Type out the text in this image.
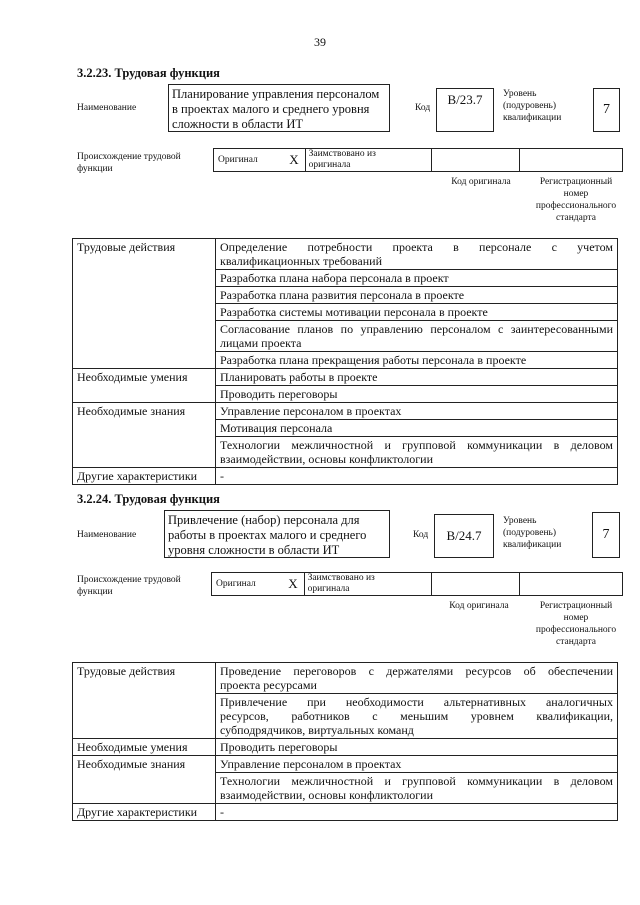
39
3.2.23. Трудовая функция
Наименование
Планирование управления персоналом
в проектах малого и среднего уровня
сложности в области ИТ
Код
B/23.7 Уровень
(подуровень)
квалификации
7
Происхождение трудовой
функции
Оригинал X Заимствовано из
оригинала
Код оригинала	Регистрационный
номер
профессионального
стандарта
Трудовые действия	Определение потребности проекта в персонале с учетом
квалификационных требований
	Разработка плана набора персонала в проект
	Разработка плана развития персонала в проекте
	Разработка системы мотивации персонала в проекте

	Согласование планов по управлению персоналом с заинтересованными
лицами проекта
	Разработка плана прекращения работы персонала в проекте
Необходимые умения	Планировать работы в проекте
	Проводить переговоры
Необходимые знания	Управление персоналом в проектах
	Мотивация персонала

	Технологии межличностной и групповой коммуникации в деловом
взаимодействии, основы конфликтологии
Другие характеристики	-
3.2.24. Трудовая функция
Наименование
Привлечение (набор) персонала для
работы в проектах малого и среднего
уровня сложности в области ИТ
Код B/24.7
Уровень
(подуровень)
квалификации
7
Происхождение трудовой
функции
Оригинал X Заимствовано из
оригинала
Код оригинала	Регистрационный
номер
профессионального
стандарта
Трудовые действия	Проведение переговоров с держателями ресурсов об обеспечении
проекта ресурсами

	Привлечение при необходимости альтернативных аналогичных
ресурсов, работников с меньшим уровнем квалификации,
субподрядчиков, виртуальных команд
Необходимые умения	Проводить переговоры
Необходимые знания	Управление персоналом в проектах

	Технологии межличностной и групповой коммуникации в деловом
взаимодействии, основы конфликтологии
Другие характеристики	-
